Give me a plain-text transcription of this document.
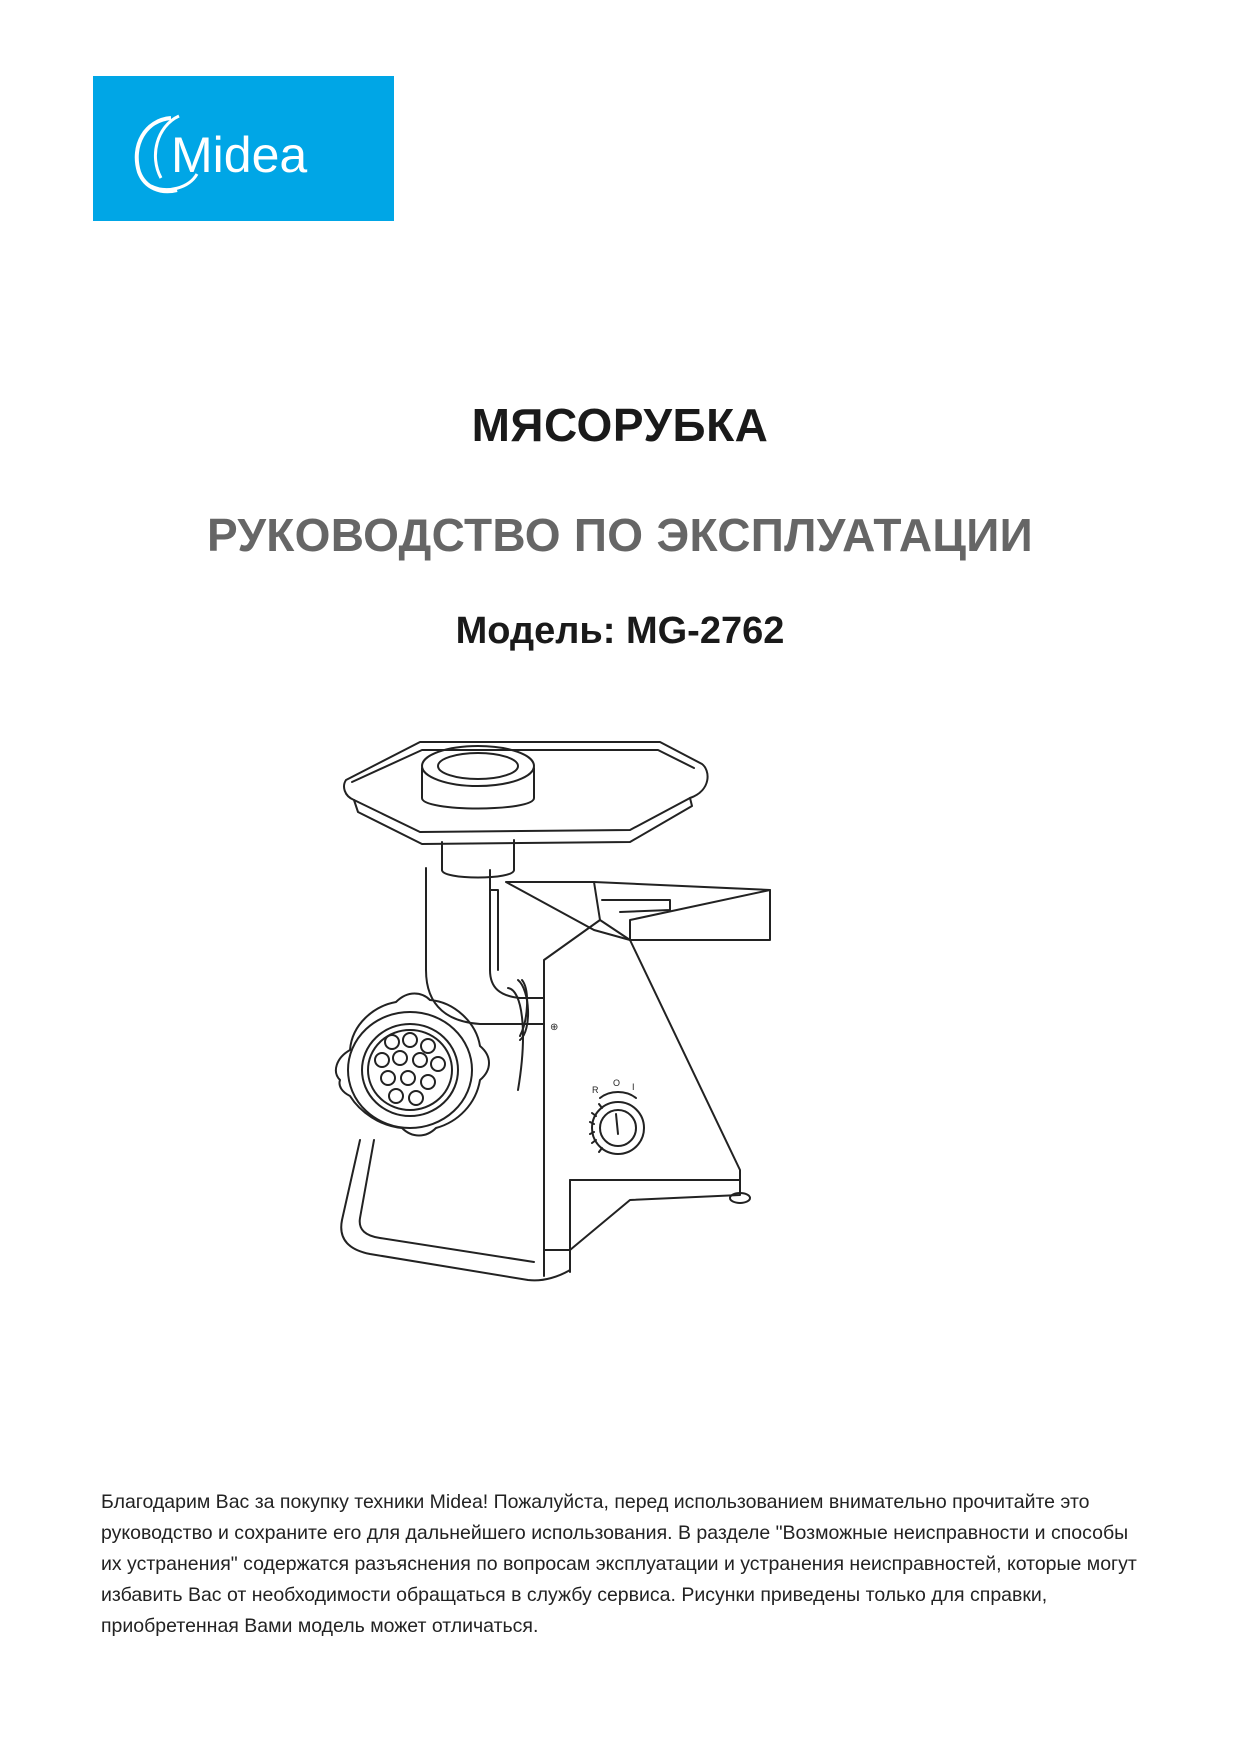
Midea
МЯСОРУБКА
РУКОВОДСТВО ПО ЭКСПЛУАТАЦИИ
Модель: MG-2762
⊕
R
O I

Благодарим Вас за покупку техники Midea! Пожалуйста, перед использованием внимательно прочитайте это руководство и сохраните его для дальнейшего использования. В разделе "Возможные неисправности и способы их устранения" содержатся разъяснения по вопросам эксплуатации и устранения неисправностей, которые могут избавить Вас от необходимости обращаться в службу сервиса. Рисунки приведены только для справки, приобретенная Вами модель может отличаться.
